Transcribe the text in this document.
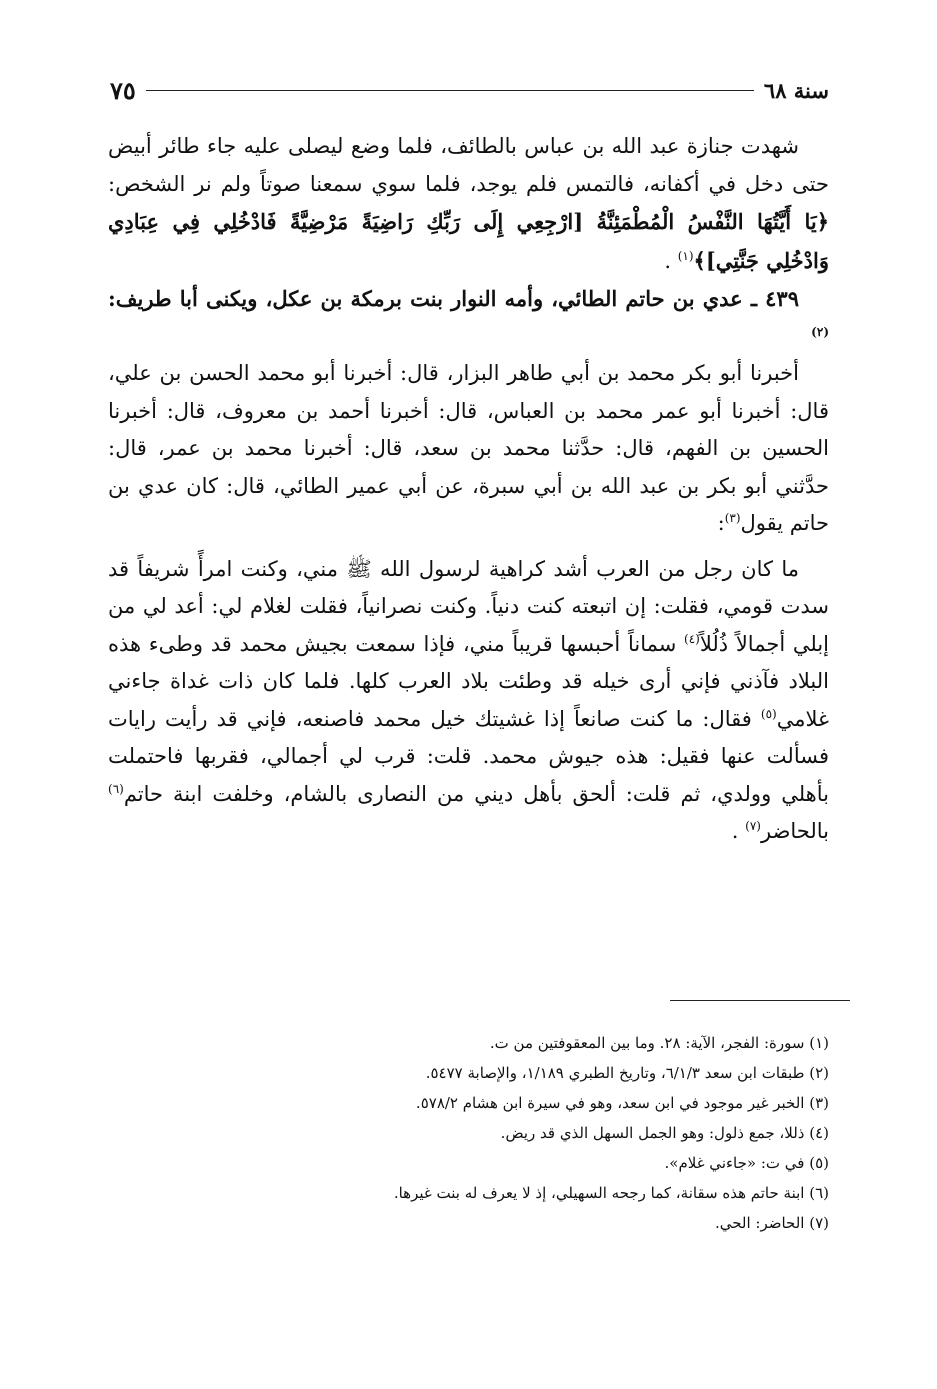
سنة ٦٨
٧٥

شهدت جنازة عبد الله بن عباس بالطائف، فلما وضع ليصلى عليه جاء طائر أبيض حتى دخل في أكفانه، فالتمس فلم يوجد، فلما سوي سمعنا صوتاً ولم نر الشخص: ﴿يَا أَيَّتُهَا النَّفْسُ الْمُطْمَئِنَّةُ [ارْجِعِي إِلَى رَبِّكِ رَاضِيَةً مَرْضِيَّةً فَادْخُلِي فِي عِبَادِي وَادْخُلِي جَنَّتِي]﴾$^{(١)}$ .

٤٣٩ ـ عدي بن حاتم الطائي، وأمه النوار بنت برمكة بن عكل، ويكنى أبا طريف: $^{(٢)}$

أخبرنا أبو بكر محمد بن أبي طاهر البزار، قال: أخبرنا أبو محمد الحسن بن علي، قال: أخبرنا أبو عمر محمد بن العباس، قال: أخبرنا أحمد بن معروف، قال: أخبرنا الحسين بن الفهم، قال: حدَّثنا محمد بن سعد، قال: أخبرنا محمد بن عمر، قال: حدَّثني أبو بكر بن عبد الله بن أبي سبرة، عن أبي عمير الطائي، قال: كان عدي بن حاتم يقول$^{(٣)}$:

ما كان رجل من العرب أشد كراهية لرسول الله ﷺ مني، وكنت امرأً شريفاً قد سدت قومي، فقلت: إن اتبعته كنت دنياً. وكنت نصرانياً، فقلت لغلام لي: أعد لي من إبلي أجمالاً ذُلُلاً$^{(٤)}$ سماناً أحبسها قريباً مني، فإذا سمعت بجيش محمد قد وطىء هذه البلاد فآذني فإني أرى خيله قد وطئت بلاد العرب كلها. فلما كان ذات غداة جاءني غلامي$^{(٥)}$ فقال: ما كنت صانعاً إذا غشيتك خيل محمد فاصنعه، فإني قد رأيت رايات فسألت عنها فقيل: هذه جيوش محمد. قلت: قرب لي أجمالي، فقربها فاحتملت بأهلي وولدي، ثم قلت: ألحق بأهل ديني من النصارى بالشام، وخلفت ابنة حاتم$^{(٦)}$ بالحاضر$^{(٧)}$ .

(١) سورة: الفجر، الآية: ٢٨. وما بين المعقوفتين من ت.
(٢) طبقات ابن سعد ٦/١/٣، وتاريخ الطبري ١/١٨٩، والإصابة ٥٤٧٧.
(٣) الخبر غير موجود في ابن سعد، وهو في سيرة ابن هشام ٥٧٨/٢.
(٤) ذللا، جمع ذلول: وهو الجمل السهل الذي قد ريض.
(٥) في ت: «جاءني غلام».
(٦) ابنة حاتم هذه سقانة، كما رجحه السهيلي، إذ لا يعرف له بنت غيرها.
(٧) الحاضر: الحي.
